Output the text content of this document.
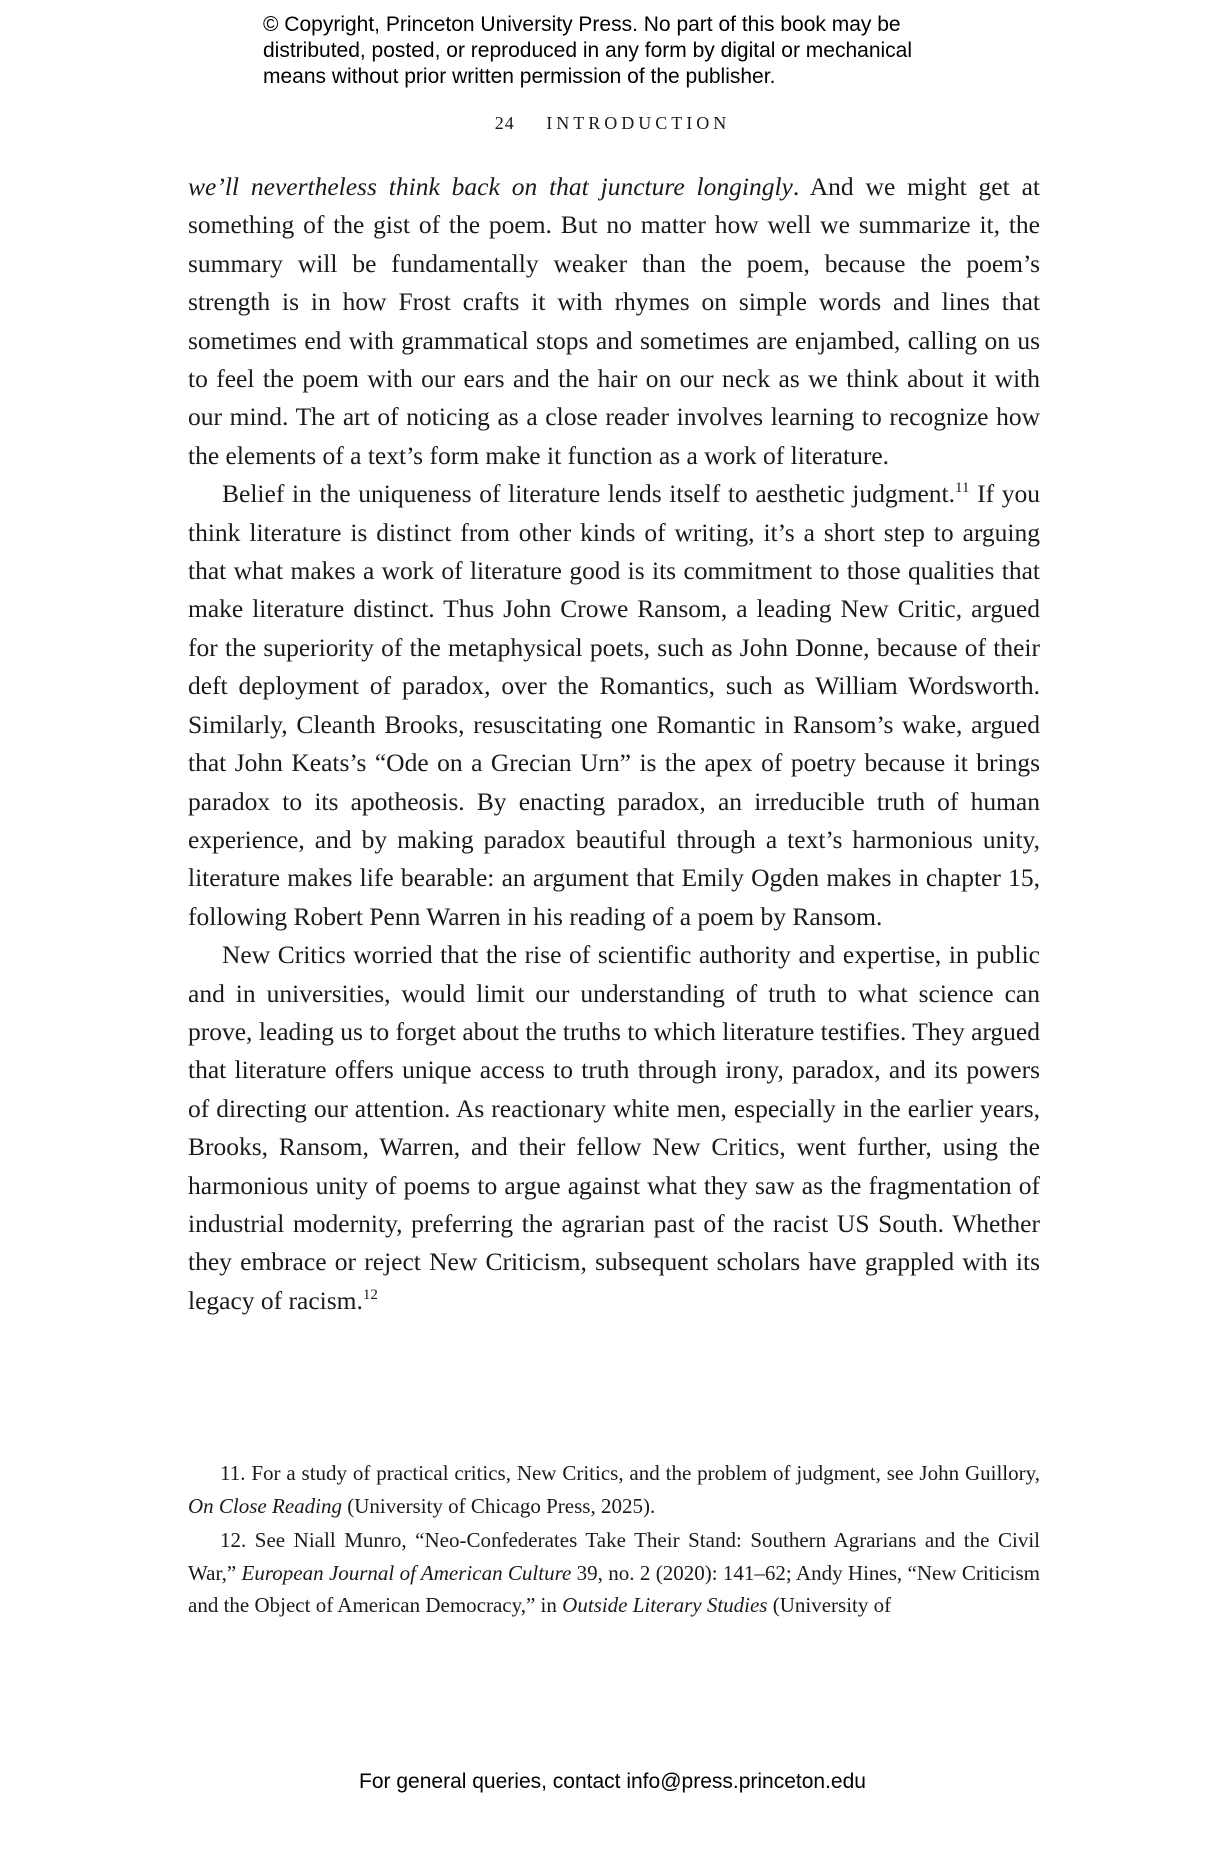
© Copyright, Princeton University Press. No part of this book may be
distributed, posted, or reproduced in any form by digital or mechanical
means without prior written permission of the publisher.
24 INTRODUCTION

we’ll nevertheless think back on that juncture longingly. And we might get at something of the gist of the poem. But no matter how well we summarize it, the summary will be fundamentally weaker than the poem, because the poem’s strength is in how Frost crafts it with rhymes on simple words and lines that sometimes end with grammatical stops and sometimes are enjambed, calling on us to feel the poem with our ears and the hair on our neck as we think about it with our mind. The art of noticing as a close reader involves learning to recognize how the elements of a text’s form make it function as a work of literature.

Belief in the uniqueness of literature lends itself to aesthetic judgment.$^{11}$ If you think literature is distinct from other kinds of writing, it’s a short step to arguing that what makes a work of literature good is its commitment to those qualities that make literature distinct. Thus John Crowe Ransom, a leading New Critic, argued for the superiority of the metaphysical poets, such as John Donne, because of their deft deployment of paradox, over the Romantics, such as William Wordsworth. Similarly, Cleanth Brooks, resuscitating one Romantic in Ransom’s wake, argued that John Keats’s “Ode on a Grecian Urn” is the apex of poetry because it brings paradox to its apotheosis. By enacting paradox, an irreducible truth of human experience, and by making paradox beautiful through a text’s harmonious unity, literature makes life bearable: an argument that Emily Ogden makes in chapter 15, following Robert Penn Warren in his reading of a poem by Ransom.

New Critics worried that the rise of scientific authority and expertise, in public and in universities, would limit our understanding of truth to what science can prove, leading us to forget about the truths to which literature testifies. They argued that literature offers unique access to truth through irony, paradox, and its powers of directing our attention. As reactionary white men, especially in the earlier years, Brooks, Ransom, Warren, and their fellow New Critics, went further, using the harmonious unity of poems to argue against what they saw as the fragmentation of industrial modernity, preferring the agrarian past of the racist US South. Whether they embrace or reject New Criticism, subsequent scholars have grappled with its legacy of racism.$^{12}$

11. For a study of practical critics, New Critics, and the problem of judgment, see John Guillory, On Close Reading (University of Chicago Press, 2025).

12. See Niall Munro, “Neo-Confederates Take Their Stand: Southern Agrarians and the Civil War,” European Journal of American Culture 39, no. 2 (2020): 141–62; Andy Hines, “New Criticism and the Object of American Democracy,” in Outside Literary Studies (University of

For general queries, contact info@press.princeton.edu
